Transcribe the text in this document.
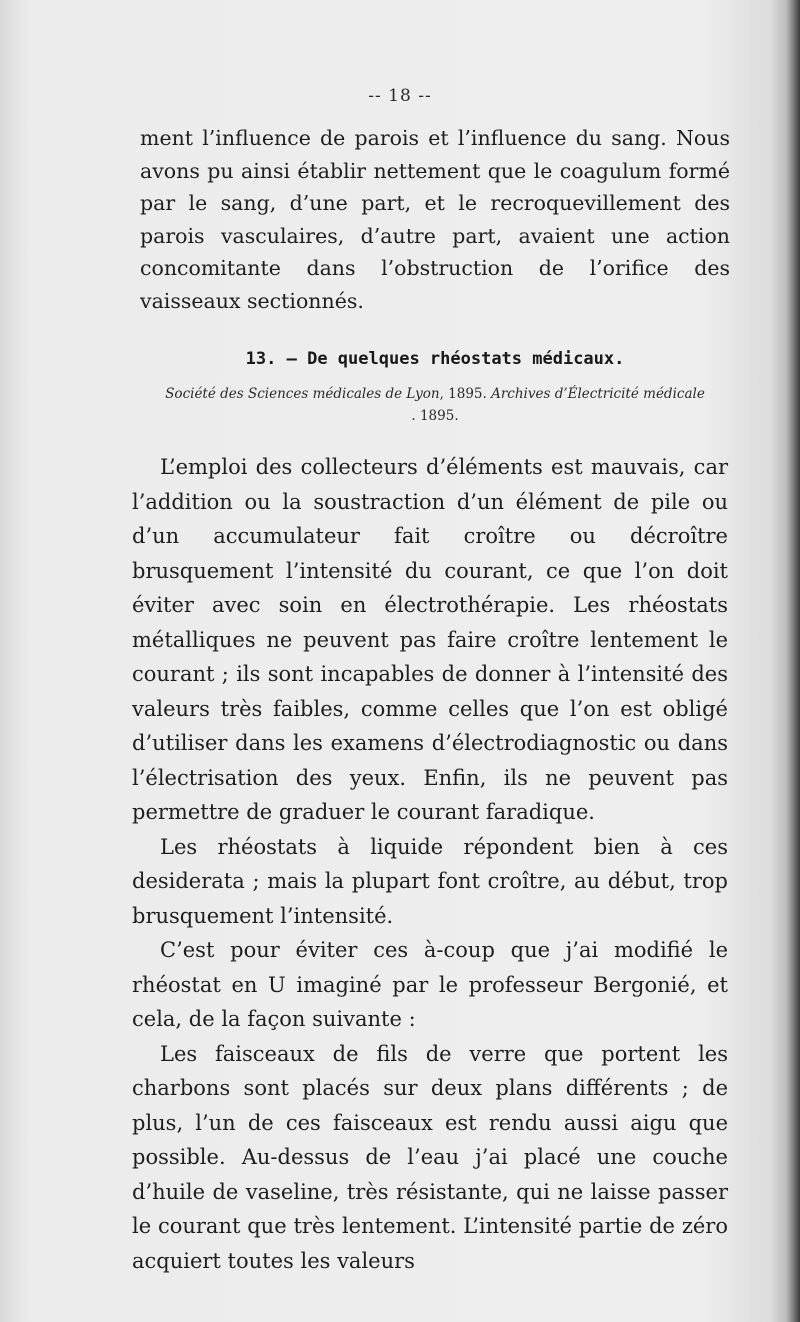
-- 18 --

ment l’influence de parois et l’influence du sang. Nous avons pu ainsi établir nettement que le coagulum formé par le sang, d’une part, et le recroquevillement des parois vasculaires, d’autre part, avaient une action concomitante dans l’obstruction de l’orifice des vaisseaux sectionnés.

13. — De quelques rhéostats médicaux.
Société des Sciences médicales de Lyon, 1895. Archives d’Électricité médicale
. 1895.

L’emploi des collecteurs d’éléments est mauvais, car l’addition ou la soustraction d’un élément de pile ou d’un accumulateur fait croître ou décroître brusquement l’intensité du courant, ce que l’on doit éviter avec soin en électrothérapie. Les rhéostats métalliques ne peuvent pas faire croître lentement le courant ; ils sont incapables de donner à l’intensité des valeurs très faibles, comme celles que l’on est obligé d’utiliser dans les examens d’électrodiagnostic ou dans l’électrisation des yeux. Enfin, ils ne peuvent pas permettre de graduer le courant faradique.

Les rhéostats à liquide répondent bien à ces desiderata ; mais la plupart font croître, au début, trop brusquement l’intensité.

C’est pour éviter ces à-coup que j’ai modifié le rhéostat en U imaginé par le professeur Bergonié, et cela, de la façon suivante :

Les faisceaux de fils de verre que portent les charbons sont placés sur deux plans différents ; de plus, l’un de ces faisceaux est rendu aussi aigu que possible. Au-dessus de l’eau j’ai placé une couche d’huile de vaseline, très résistante, qui ne laisse passer le courant que très lentement. L’intensité partie de zéro acquiert toutes les valeurs
